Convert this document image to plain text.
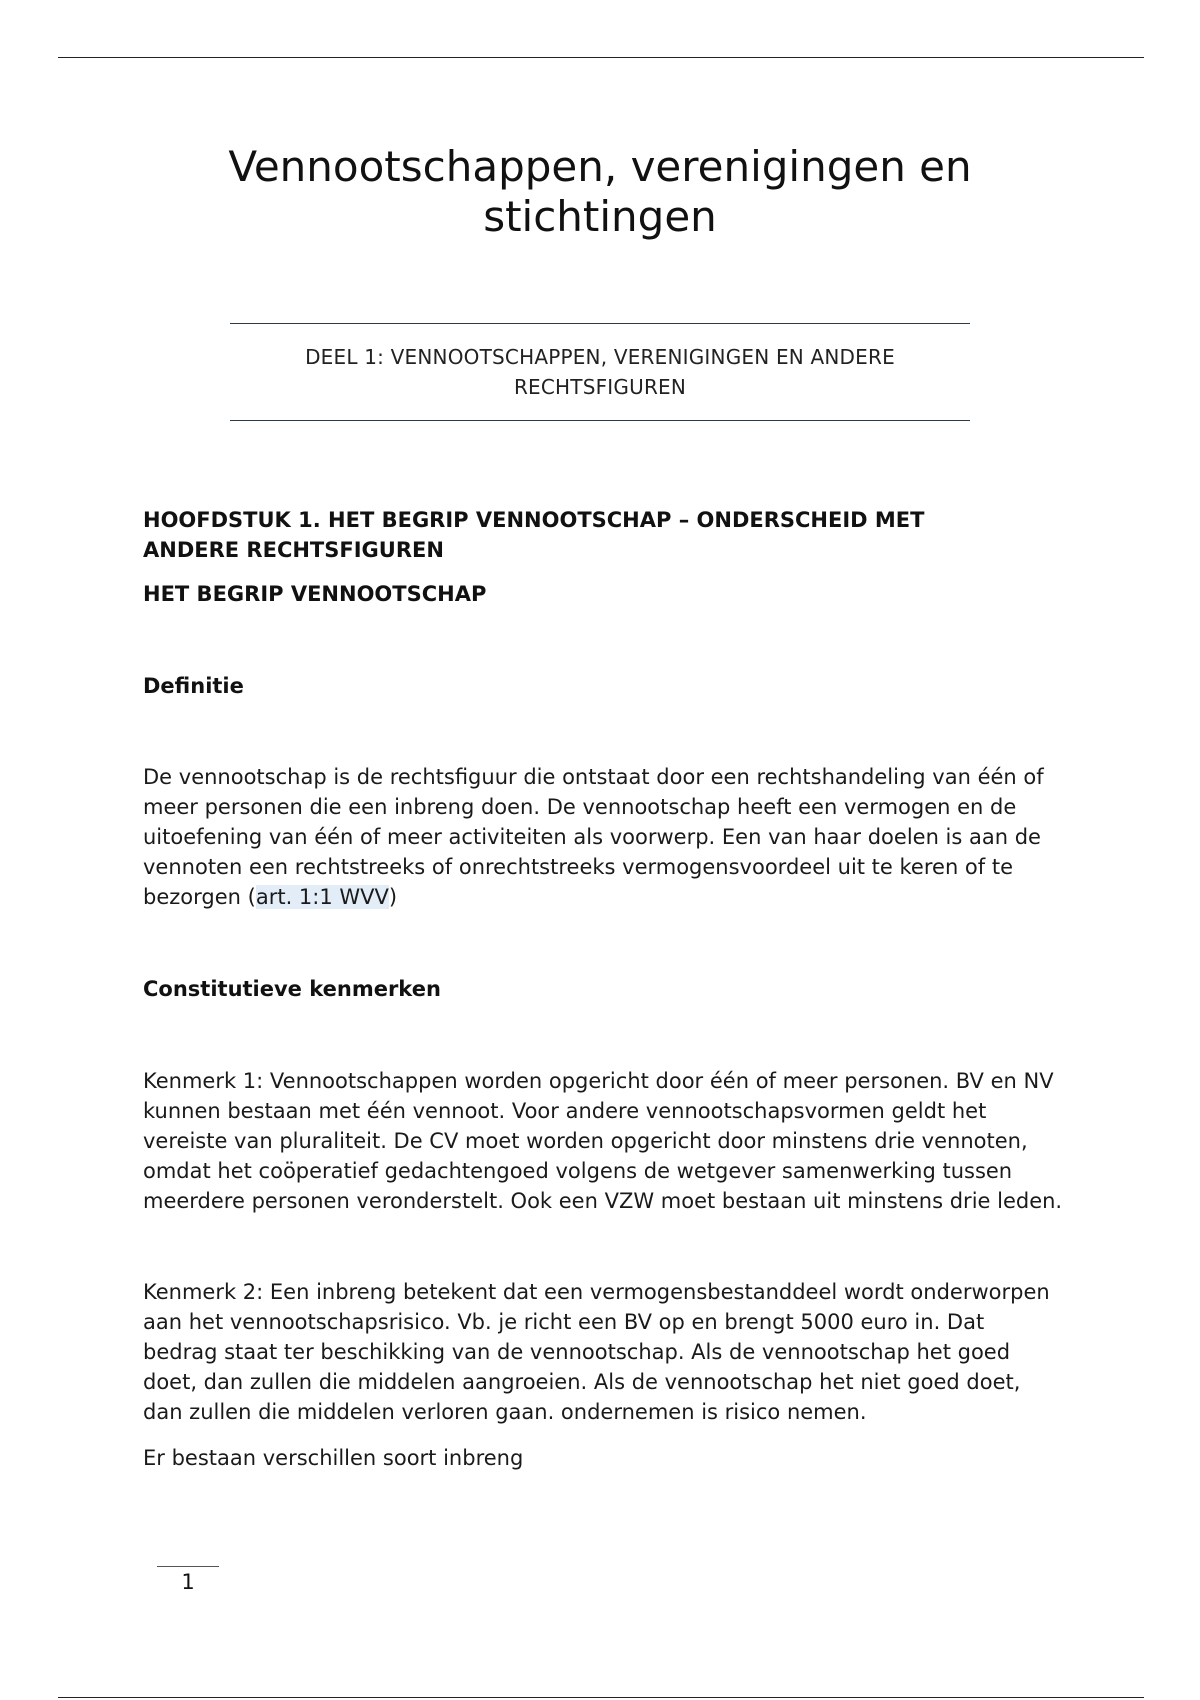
Vennootschappen, verenigingen en stichtingen
DEEL 1: VENNOOTSCHAPPEN, VERENIGINGEN EN ANDERE RECHTSFIGUREN
HOOFDSTUK 1. HET BEGRIP VENNOOTSCHAP – ONDERSCHEID MET ANDERE RECHTSFIGUREN
HET BEGRIP VENNOOTSCHAP
Definitie

De vennootschap is de rechtsfiguur die ontstaat door een rechtshandeling van één of meer personen die een inbreng doen. De vennootschap heeft een vermogen en de uitoefening van één of meer activiteiten als voorwerp. Een van haar doelen is aan de vennoten een rechtstreeks of onrechtstreeks vermogensvoordeel uit te keren of te bezorgen (art. 1:1 WVV)

Constitutieve kenmerken

Kenmerk 1: Vennootschappen worden opgericht door één of meer personen. BV en NV kunnen bestaan met één vennoot. Voor andere vennootschapsvormen geldt het vereiste van pluraliteit. De CV moet worden opgericht door minstens drie vennoten, omdat het coöperatief gedachtengoed volgens de wetgever samenwerking tussen meerdere personen veronderstelt. Ook een VZW moet bestaan uit minstens drie leden.

Kenmerk 2: Een inbreng betekent dat een vermogensbestanddeel wordt onderworpen aan het vennootschapsrisico. Vb. je richt een BV op en brengt 5000 euro in. Dat bedrag staat ter beschikking van de vennootschap. Als de vennootschap het goed doet, dan zullen die middelen aangroeien. Als de vennootschap het niet goed doet, dan zullen die middelen verloren gaan. ondernemen is risico nemen.

Er bestaan verschillen soort inbreng

1
